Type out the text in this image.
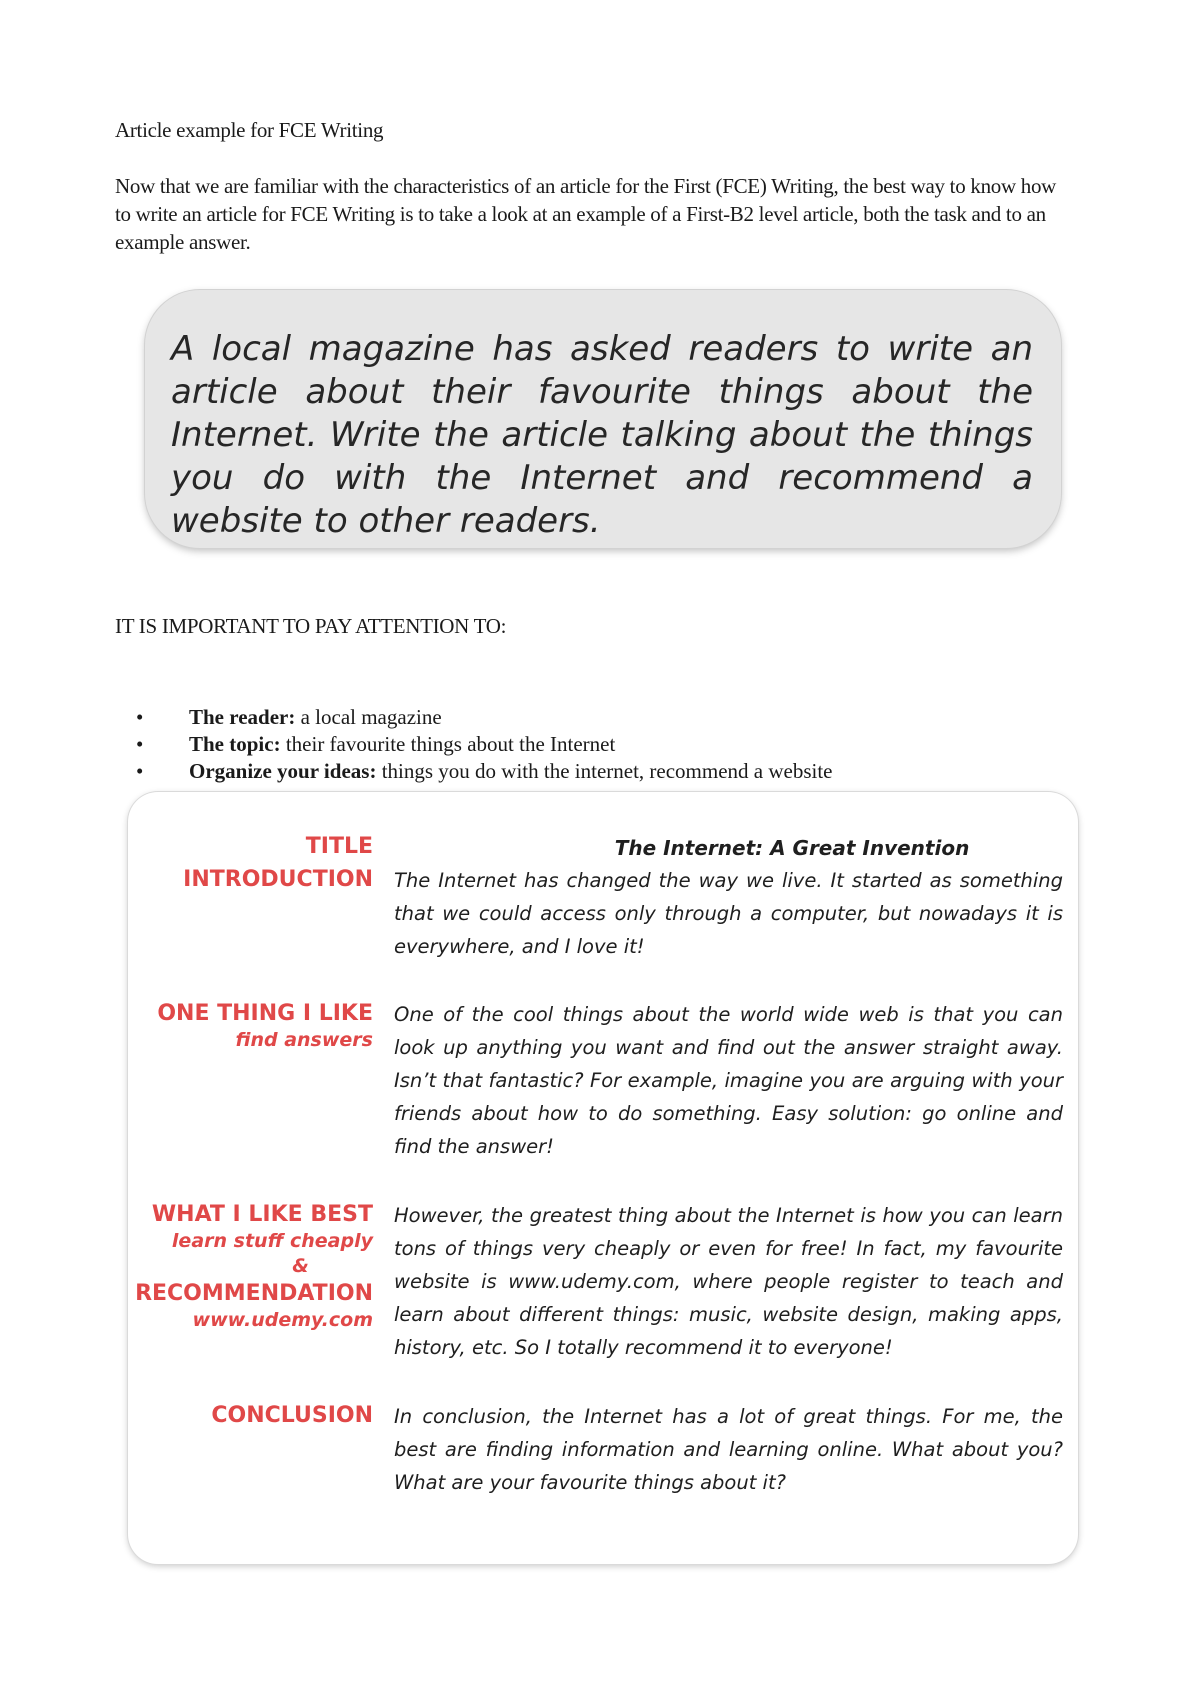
Article example for FCE Writing
Now that we are familiar with the characteristics of an article for the First (FCE) Writing, the best way to know how to write an article for FCE Writing is to take a look at an example of a First-B2 level article, both the task and to an example answer.

A local magazine has asked readers to write an article about their favourite things about the Internet. Write the article talking about the things you do with the Internet and recommend a website to other readers.

IT IS IMPORTANT TO PAY ATTENTION TO:
• The reader: a local magazine
• The topic: their favourite things about the Internet
• Organize your ideas: things you do with the internet, recommend a website
TITLE	The Internet: A Great Invention
INTRODUCTION The Internet has changed the way we live. It started as something that we could access only through a computer, but nowadays it is everywhere, and I love it!
ONE THING I LIKE
find answers
One of the cool things about the world wide web is that you can look up anything you want and find out the answer straight away. Isn’t that fantastic? For example, imagine you are arguing with your friends about how to do something. Easy solution: go online and find the answer!
WHAT I LIKE BEST
learn stuff cheaply
&
RECOMMENDATION
www.udemy.com
However, the greatest thing about the Internet is how you can learn tons of things very cheaply or even for free! In fact, my favourite website is www.udemy.com, where people register to teach and learn about different things: music, website design, making apps, history, etc. So I totally recommend it to everyone!
CONCLUSION In conclusion, the Internet has a lot of great things. For me, the best are finding information and learning online. What about you? What are your favourite things about it?
